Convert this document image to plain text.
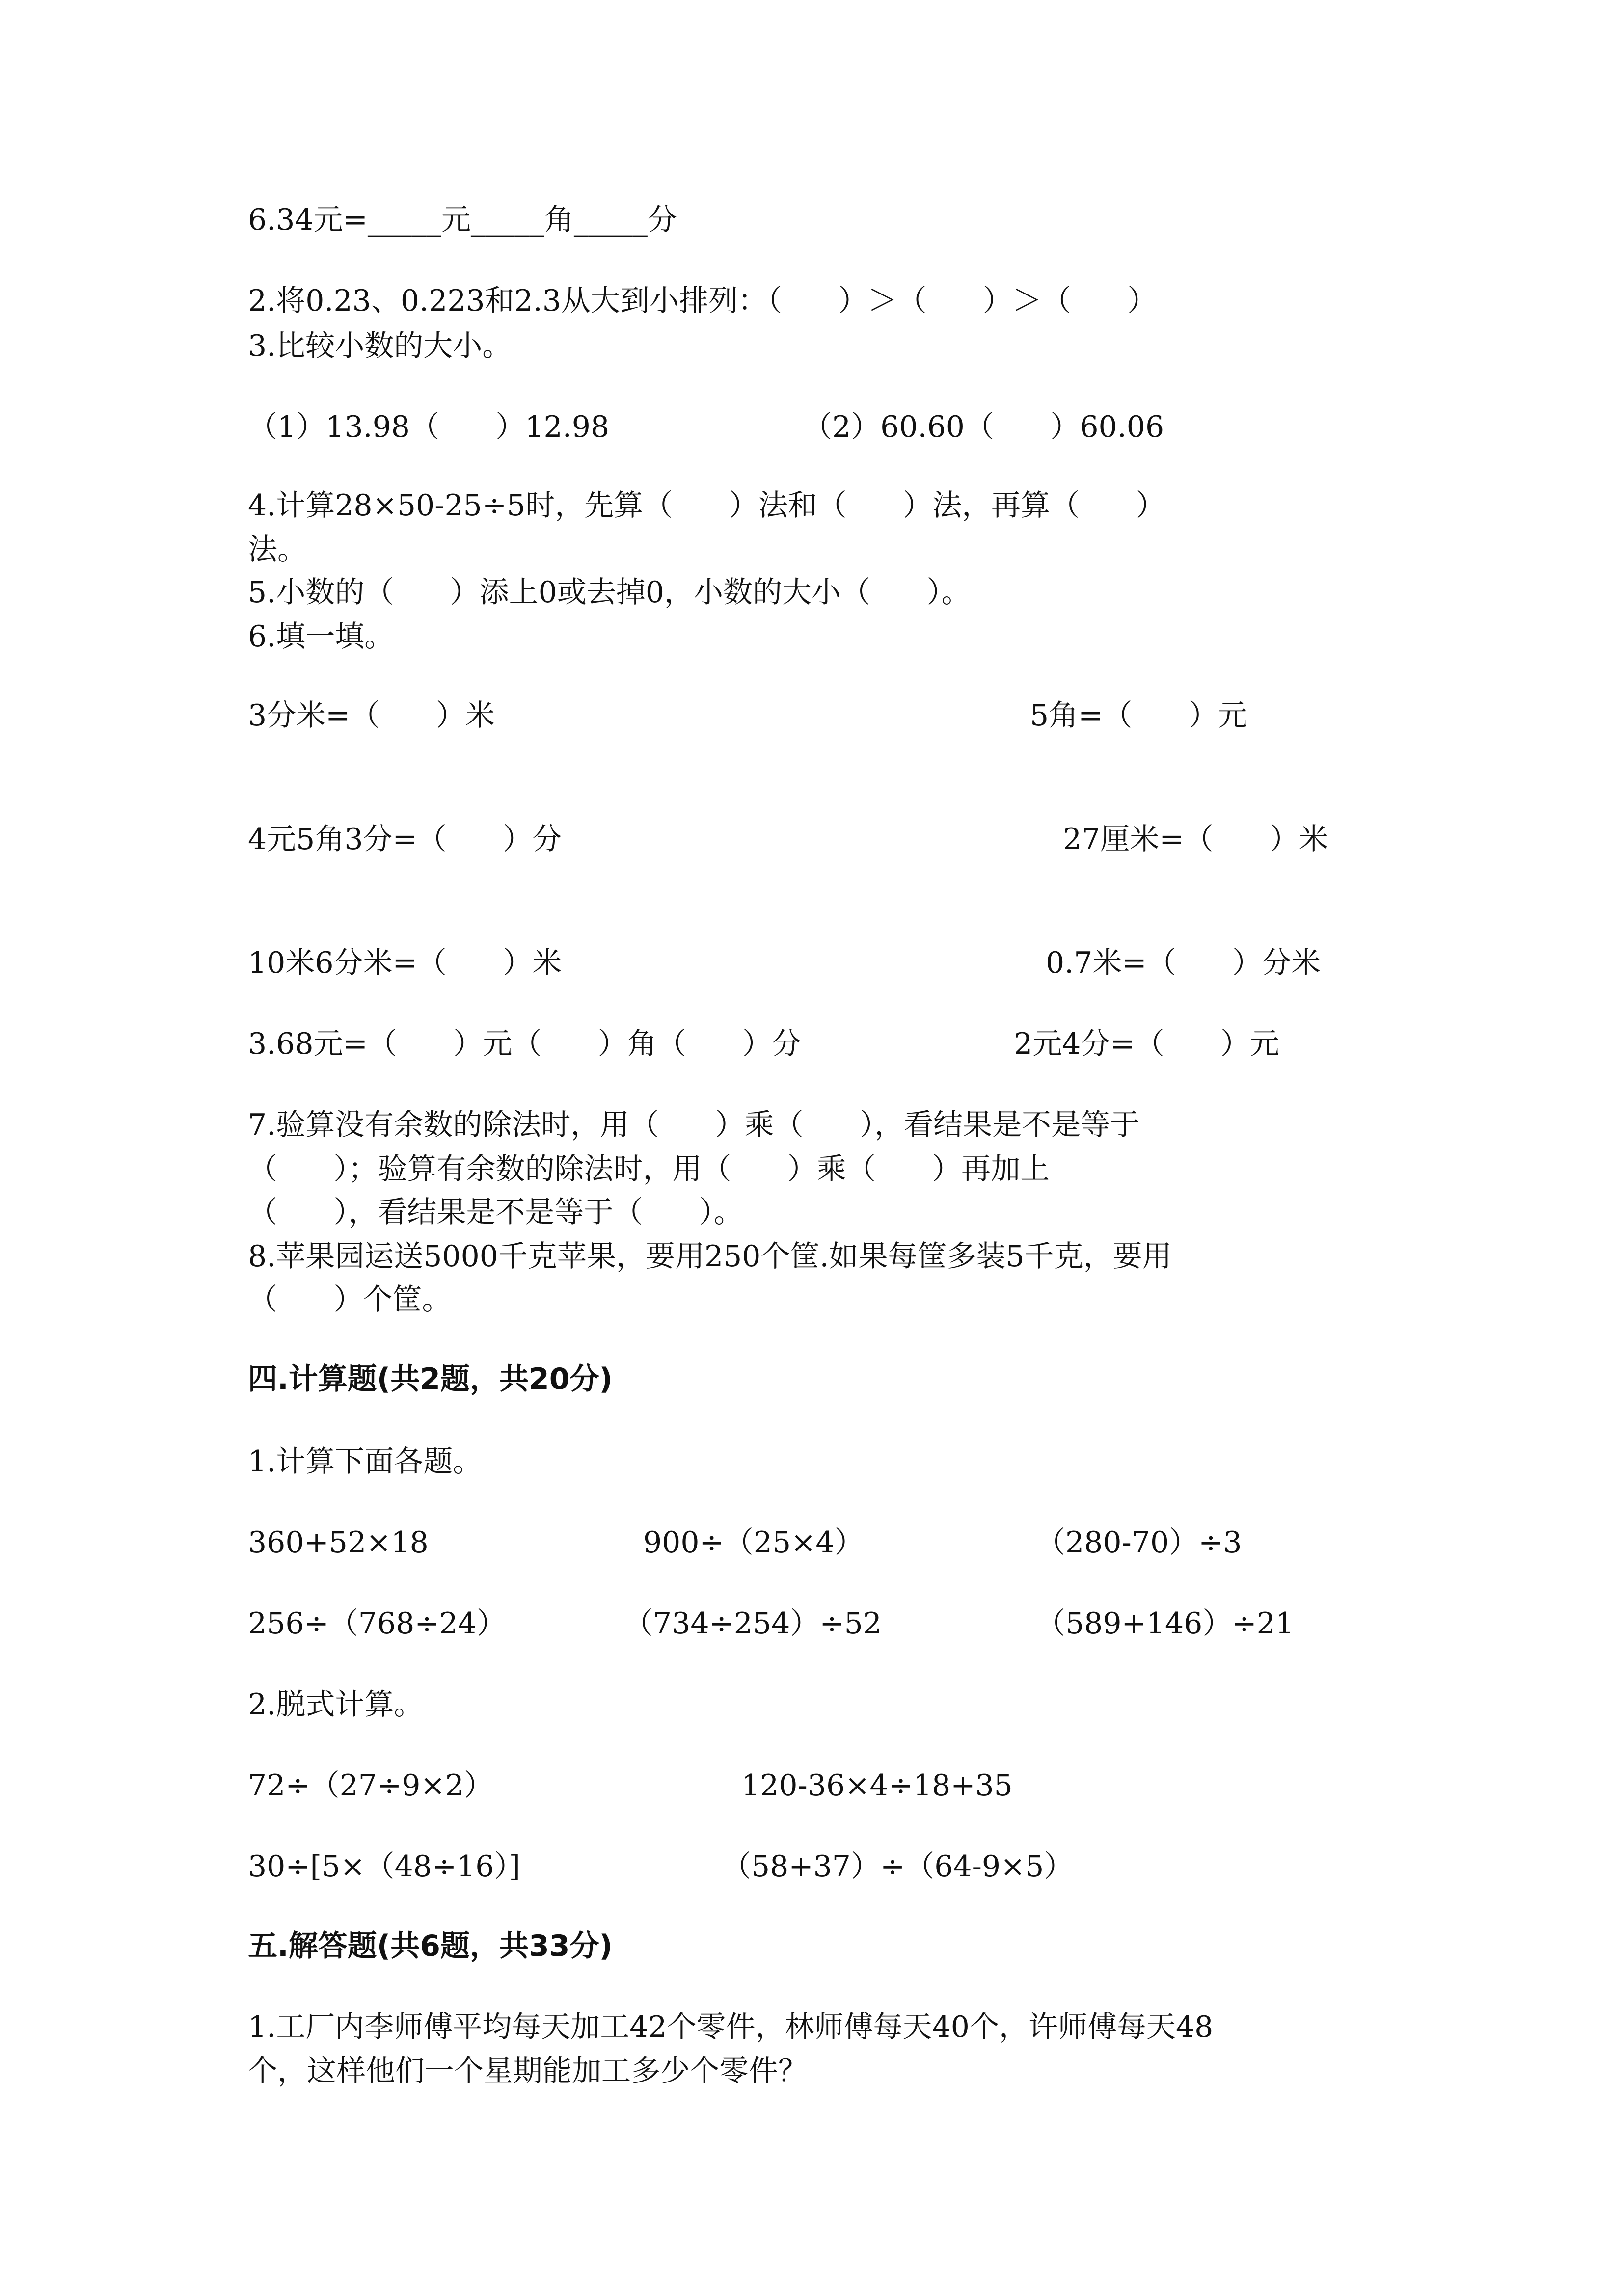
6.34元=_____元_____角_____分
2.将0.23、0.223和2.3从大到小排列：（      ）＞（      ）＞（      ）
3.比较小数的大小。
（1）13.98（      ）12.98	（2）60.60（      ）60.06
4.计算28×50-25÷5时，先算（      ）法和（      ）法，再算（      ）
法。
5.小数的（      ）添上0或去掉0，小数的大小（      ）。
6.填一填。
3分米=（      ）米	5角=（      ）元
4元5角3分=（      ）分	27厘米=（      ）米
10米6分米=（      ）米	0.7米=（      ）分米
3.68元=（      ）元（      ）角（      ）分	2元4分=（      ）元
7.验算没有余数的除法时，用（      ）乘（      ），看结果是不是等于
（      ）；验算有余数的除法时，用（      ）乘（      ）再加上
（      ），看结果是不是等于（      ）。
8.苹果园运送5000千克苹果，要用250个筐.如果每筐多装5千克，要用
（      ）个筐。
四.计算题(共2题，共20分)
1.计算下面各题。
360+52×18	900÷（25×4）	（280-70）÷3
256÷（768÷24）	（734÷254）÷52	（589+146）÷21
2.脱式计算。
72÷（27÷9×2）	120-36×4÷18+35
30÷[5×（48÷16）]	（58+37）÷（64-9×5）
五.解答题(共6题，共33分)
1.工厂内李师傅平均每天加工42个零件，林师傅每天40个，许师傅每天48
个，这样他们一个星期能加工多少个零件？
